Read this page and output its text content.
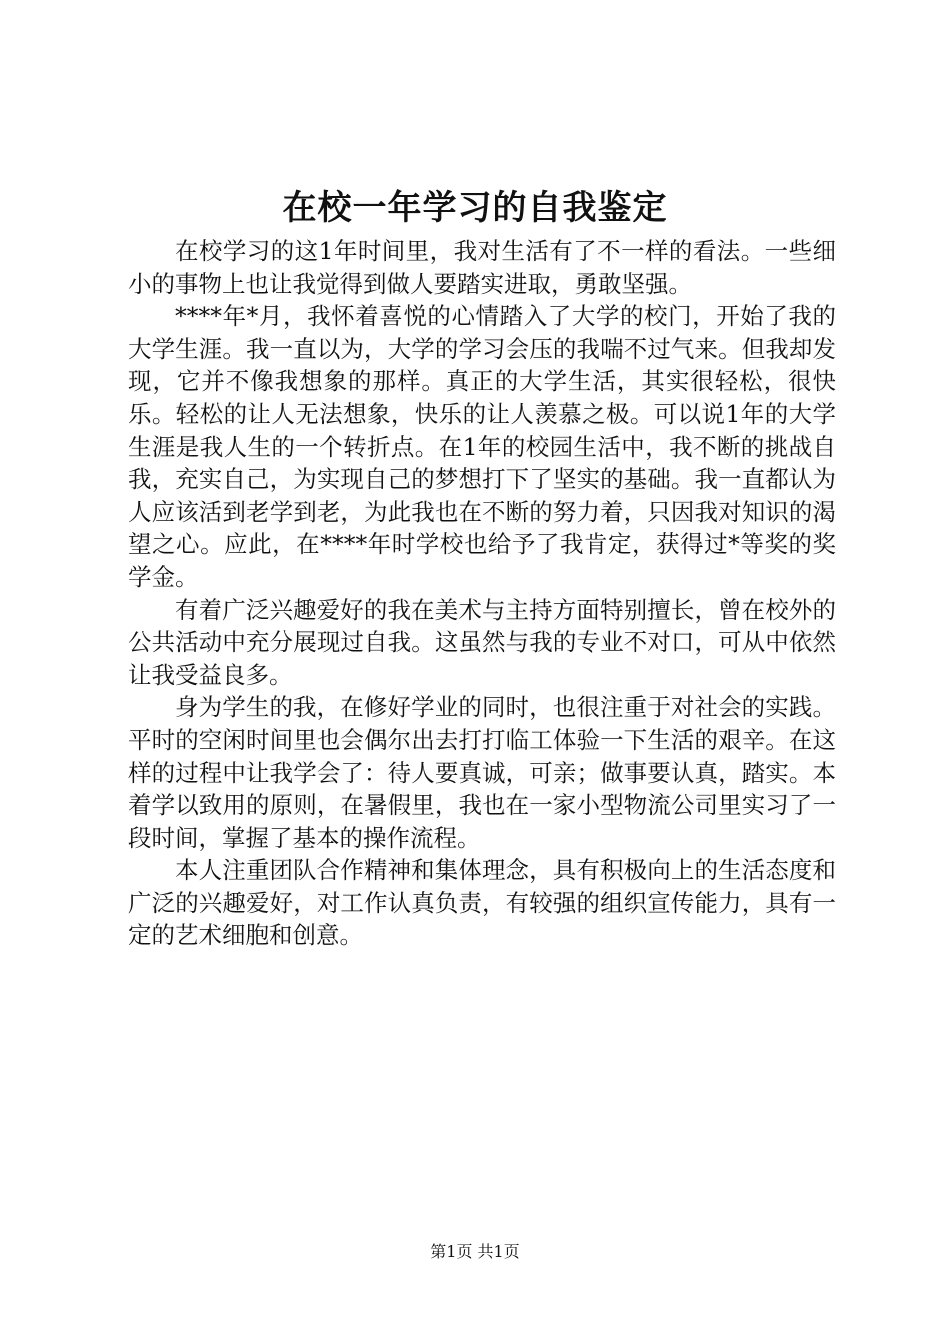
在校一年学习的自我鉴定

在校学习的这1年时间里，我对生活有了不一样的看法。一些细小的事物上也让我觉得到做人要踏实进取，勇敢坚强。

****年*月，我怀着喜悦的心情踏入了大学的校门，开始了我的大学生涯。我一直以为，大学的学习会压的我喘不过气来。但我却发现，它并不像我想象的那样。真正的大学生活，其实很轻松，很快乐。轻松的让人无法想象，快乐的让人羡慕之极。可以说1年的大学生涯是我人生的一个转折点。在1年的校园生活中，我不断的挑战自我，充实自己，为实现自己的梦想打下了坚实的基础。我一直都认为人应该活到老学到老，为此我也在不断的努力着，只因我对知识的渴望之心。应此，在****年时学校也给予了我肯定，获得过*等奖的奖学金。

有着广泛兴趣爱好的我在美术与主持方面特别擅长，曾在校外的公共活动中充分展现过自我。这虽然与我的专业不对口，可从中依然让我受益良多。

身为学生的我，在修好学业的同时，也很注重于对社会的实践。平时的空闲时间里也会偶尔出去打打临工体验一下生活的艰辛。在这样的过程中让我学会了：待人要真诚，可亲；做事要认真，踏实。本着学以致用的原则，在暑假里，我也在一家小型物流公司里实习了一段时间，掌握了基本的操作流程。

本人注重团队合作精神和集体理念，具有积极向上的生活态度和广泛的兴趣爱好，对工作认真负责，有较强的组织宣传能力，具有一定的艺术细胞和创意。

第1页 共1页
